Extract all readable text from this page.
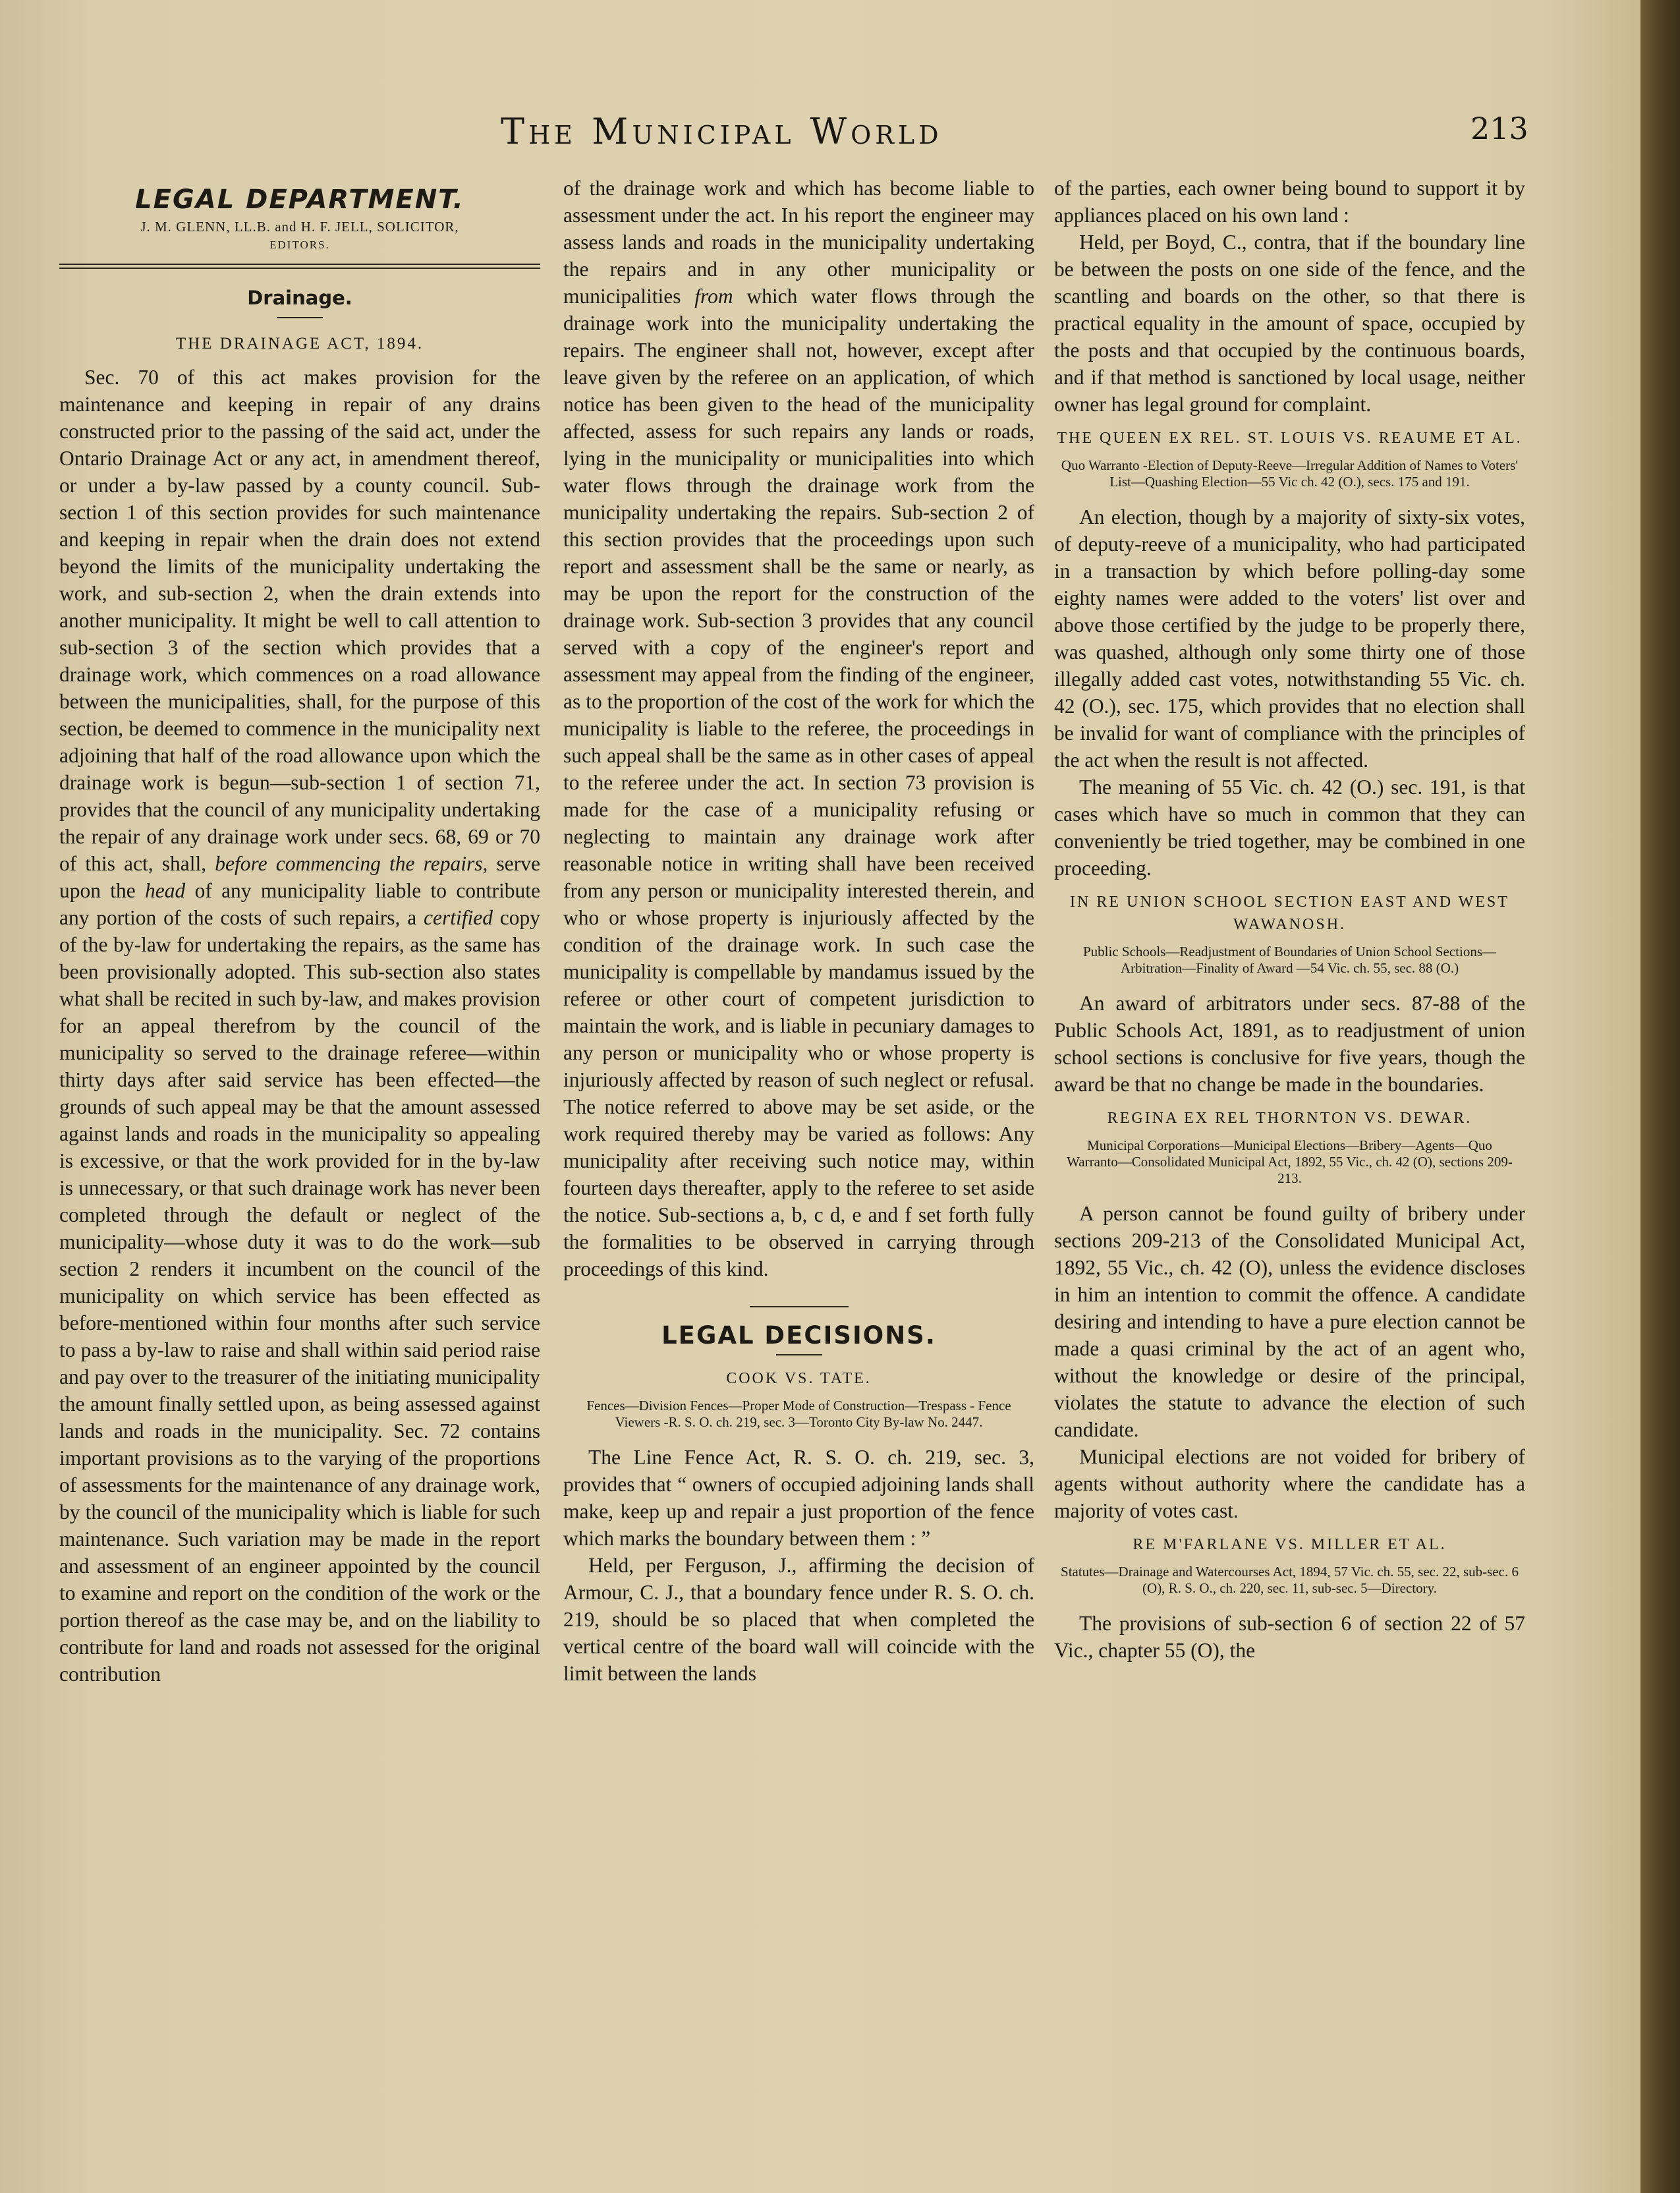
The Municipal World	213
LEGAL DEPARTMENT.
J. M. GLENN, LL.B. and H. F. JELL, SOLICITOR,
EDITORS.
Drainage.
THE DRAINAGE ACT, 1894.

Sec. 70 of this act makes provision for the maintenance and keeping in repair of any drains constructed prior to the passing of the said act, under the Ontario Drainage Act or any act, in amendment thereof, or under a by-law passed by a county council. Sub-section 1 of this section provides for such maintenance and keeping in repair when the drain does not extend beyond the limits of the municipality undertaking the work, and sub-section 2, when the drain extends into another municipality. It might be well to call attention to sub-section 3 of the section which provides that a drainage work, which commences on a road allowance between the municipalities, shall, for the purpose of this section, be deemed to commence in the municipality next adjoining that half of the road allowance upon which the drainage work is begun—sub-section 1 of section 71, provides that the council of any municipality undertaking the repair of any drainage work under secs. 68, 69 or 70 of this act, shall, before commencing the repairs, serve upon the head of any municipality liable to contribute any portion of the costs of such repairs, a certified copy of the by-law for undertaking the repairs, as the same has been provisionally adopted. This sub-section also states what shall be recited in such by-law, and makes provision for an appeal therefrom by the council of the municipality so served to the drainage referee—within thirty days after said service has been effected—the grounds of such appeal may be that the amount assessed against lands and roads in the municipality so appealing is excessive, or that the work provided for in the by-law is unnecessary, or that such drainage work has never been completed through the default or neglect of the municipality—whose duty it was to do the work—sub section 2 renders it incumbent on the council of the municipality on which service has been effected as before-mentioned within four months after such service to pass a by-law to raise and shall within said period raise and pay over to the treasurer of the initiating municipality the amount finally settled upon, as being assessed against lands and roads in the municipality. Sec. 72 contains important provisions as to the varying of the proportions of assessments for the maintenance of any drainage work, by the council of the municipality which is liable for such maintenance. Such variation may be made in the report and assessment of an engineer appointed by the council to examine and report on the condition of the work or the portion thereof as the case may be, and on the liability to contribute for land and roads not assessed for the original contribution

of the drainage work and which has become liable to assessment under the act. In his report the engineer may assess lands and roads in the municipality undertaking the repairs and in any other municipality or municipalities from which water flows through the drainage work into the municipality undertaking the repairs. The engineer shall not, however, except after leave given by the referee on an application, of which notice has been given to the head of the municipality affected, assess for such repairs any lands or roads, lying in the municipality or municipalities into which water flows through the drainage work from the municipality undertaking the repairs. Sub-section 2 of this section provides that the proceedings upon such report and assessment shall be the same or nearly, as may be upon the report for the construction of the drainage work. Sub-section 3 provides that any council served with a copy of the engineer's report and assessment may appeal from the finding of the engineer, as to the proportion of the cost of the work for which the municipality is liable to the referee, the proceedings in such appeal shall be the same as in other cases of appeal to the referee under the act. In section 73 provision is made for the case of a municipality refusing or neglecting to maintain any drainage work after reasonable notice in writing shall have been received from any person or municipality interested therein, and who or whose property is injuriously affected by the condition of the drainage work. In such case the municipality is compellable by mandamus issued by the referee or other court of competent jurisdiction to maintain the work, and is liable in pecuniary damages to any person or municipality who or whose property is injuriously affected by reason of such neglect or refusal. The notice referred to above may be set aside, or the work required thereby may be varied as follows: Any municipality after receiving such notice may, within fourteen days thereafter, apply to the referee to set aside the notice. Sub-sections a, b, c d, e and f set forth fully the formalities to be observed in carrying through proceedings of this kind.

LEGAL DECISIONS.
COOK VS. TATE.
Fences—Division Fences—Proper Mode of Construction—Trespass - Fence Viewers -R. S. O. ch. 219, sec. 3—Toronto City By-law No. 2447.

The Line Fence Act, R. S. O. ch. 219, sec. 3, provides that “ owners of occupied adjoining lands shall make, keep up and repair a just proportion of the fence which marks the boundary between them : ”

Held, per Ferguson, J., affirming the decision of Armour, C. J., that a boundary fence under R. S. O. ch. 219, should be so placed that when completed the vertical centre of the board wall will coincide with the limit between the lands

of the parties, each owner being bound to support it by appliances placed on his own land :

Held, per Boyd, C., contra, that if the boundary line be between the posts on one side of the fence, and the scantling and boards on the other, so that there is practical equality in the amount of space, occupied by the posts and that occupied by the continuous boards, and if that method is sanctioned by local usage, neither owner has legal ground for complaint.

THE QUEEN EX REL. ST. LOUIS VS. REAUME ET AL.
Quo Warranto -Election of Deputy-Reeve—Irregular Addition of Names to Voters' List—Quashing Election—55 Vic ch. 42 (O.), secs. 175 and 191.

An election, though by a majority of sixty-six votes, of deputy-reeve of a municipality, who had participated in a transaction by which before polling-day some eighty names were added to the voters' list over and above those certified by the judge to be properly there, was quashed, although only some thirty one of those illegally added cast votes, notwithstanding 55 Vic. ch. 42 (O.), sec. 175, which provides that no election shall be invalid for want of compliance with the principles of the act when the result is not affected.

The meaning of 55 Vic. ch. 42 (O.) sec. 191, is that cases which have so much in common that they can conveniently be tried together, may be combined in one proceeding.

IN RE UNION SCHOOL SECTION EAST AND WEST WAWANOSH.
Public Schools—Readjustment of Boundaries of Union School Sections—Arbitration—Finality of Award —54 Vic. ch. 55, sec. 88 (O.)

An award of arbitrators under secs. 87-88 of the Public Schools Act, 1891, as to readjustment of union school sections is conclusive for five years, though the award be that no change be made in the boundaries.

REGINA EX REL THORNTON VS. DEWAR.
Municipal Corporations—Municipal Elections—Bribery—Agents—Quo Warranto—Consolidated Municipal Act, 1892, 55 Vic., ch. 42 (O), sections 209-213.

A person cannot be found guilty of bribery under sections 209-213 of the Consolidated Municipal Act, 1892, 55 Vic., ch. 42 (O), unless the evidence discloses in him an intention to commit the offence. A candidate desiring and intending to have a pure election cannot be made a quasi criminal by the act of an agent who, without the knowledge or desire of the principal, violates the statute to advance the election of such candidate.

Municipal elections are not voided for bribery of agents without authority where the candidate has a majority of votes cast.

RE M'FARLANE VS. MILLER ET AL.
Statutes—Drainage and Watercourses Act, 1894, 57 Vic. ch. 55, sec. 22, sub-sec. 6 (O), R. S. O., ch. 220, sec. 11, sub-sec. 5—Directory.

The provisions of sub-section 6 of section 22 of 57 Vic., chapter 55 (O), the
